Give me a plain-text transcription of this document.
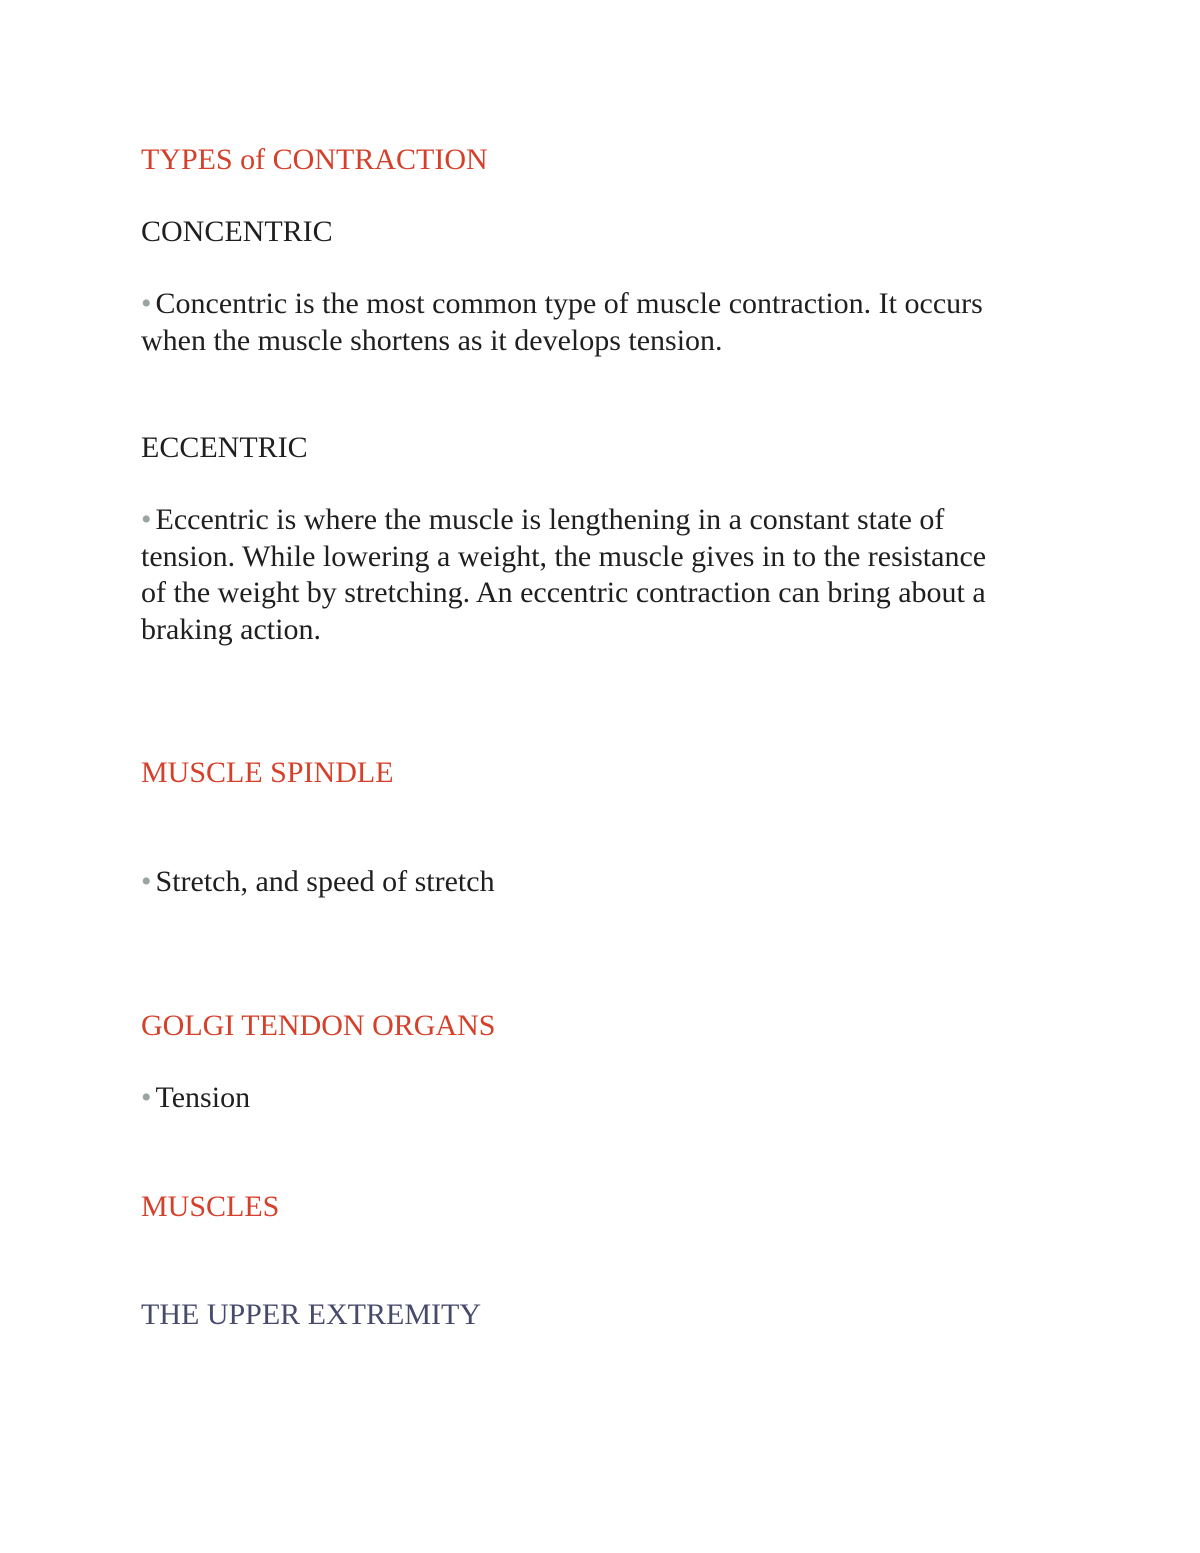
TYPES of CONTRACTION
CONCENTRIC
• Concentric is the most common type of muscle contraction. It occurs when the muscle shortens as it develops tension.
ECCENTRIC
• Eccentric is where the muscle is lengthening in a constant state of tension. While lowering a weight, the muscle gives in to the resistance of the weight by stretching. An eccentric contraction can bring about a braking action.
MUSCLE SPINDLE
• Stretch, and speed of stretch
GOLGI TENDON ORGANS
• Tension
MUSCLES
THE UPPER EXTREMITY
